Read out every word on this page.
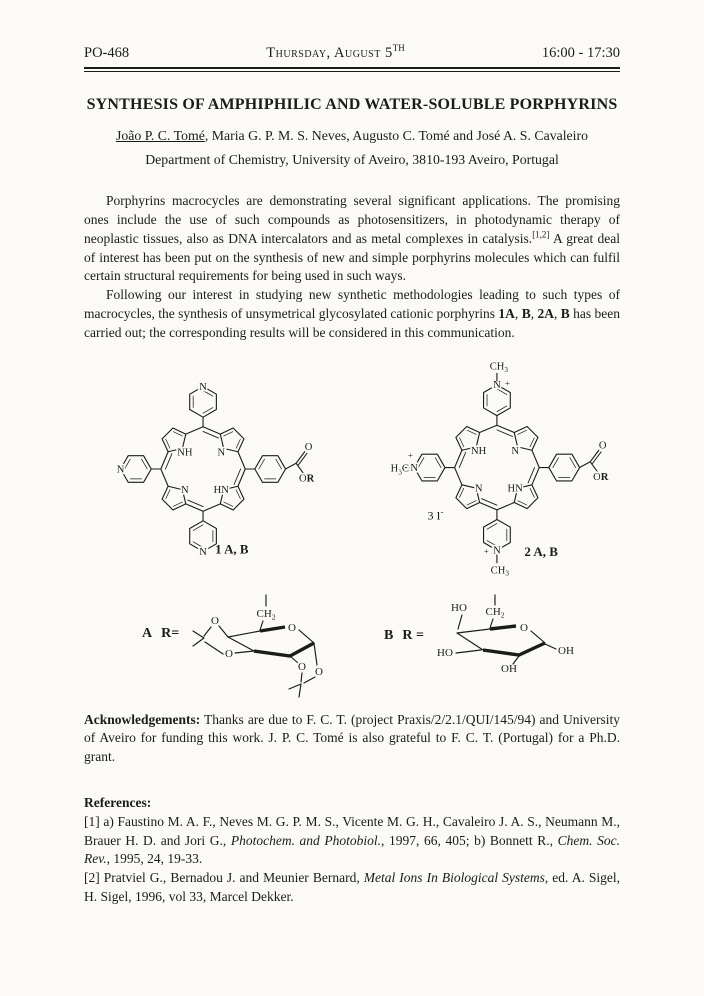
PO-468	Thursday, August 5TH	16:00 - 17:30
SYNTHESIS OF AMPHIPHILIC AND WATER-SOLUBLE PORPHYRINS
João P. C. Tomé, Maria G. P. M. S. Neves, Augusto C. Tomé and José A. S. Cavaleiro
Department of Chemistry, University of Aveiro, 3810-193 Aveiro, Portugal

Porphyrins macrocycles are demonstrating several significant applications. The promising ones include the use of such compounds as photosensitizers, in photodynamic therapy of neoplastic tissues, also as DNA intercalators and as metal complexes in catalysis.[1,2] A great deal of interest has been put on the synthesis of new and simple porphyrins molecules which can fulfil certain structural requirements for being used in such ways.

Following our interest in studying new synthetic methodologies leading to such types of macrocycles, the synthesis of unsymetrical glycosylated cationic porphyrins 1A, B, 2A, B has been carried out; the corresponding results will be considered in this communication.

1 A, B
+
$CH_3$
+
$H_3C$
+
$CH_3$
3 I-
2 A, B
A R=
$CH_2$
O
O
O
O O
B R =
$CH_2$
HO
O
HO
OH
OH

Acknowledgements: Thanks are due to F. C. T. (project Praxis/2/2.1/QUI/145/94) and University of Aveiro for funding this work. J. P. C. Tomé is also grateful to F. C. T. (Portugal) for a Ph.D. grant.

References:
[1] a) Faustino M. A. F., Neves M. G. P. M. S., Vicente M. G. H., Cavaleiro J. A. S., Neumann M., Brauer H. D. and Jori G., Photochem. and Photobiol., 1997, 66, 405; b) Bonnett R., Chem. Soc. Rev., 1995, 24, 19-33.
[2] Pratviel G., Bernadou J. and Meunier Bernard, Metal Ions In Biological Systems, ed. A. Sigel, H. Sigel, 1996, vol 33, Marcel Dekker.
